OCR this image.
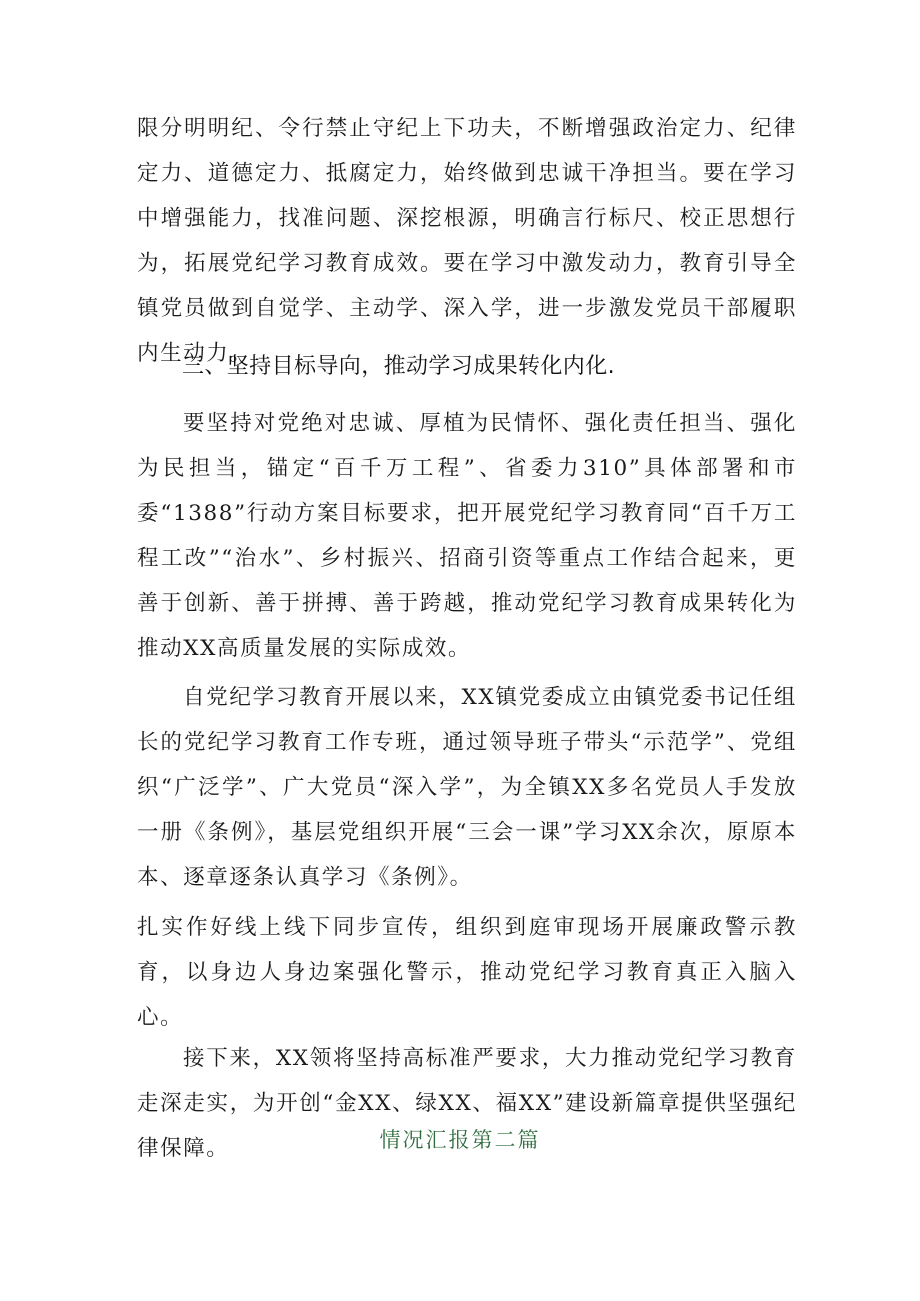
限分明明纪、令行禁止守纪上下功夫，不断增强政治定力、纪律定力、道德定力、抵腐定力，始终做到忠诚干净担当。要在学习中增强能力，找准问题、深挖根源，明确言行标尺、校正思想行为，拓展党纪学习教育成效。要在学习中激发动力，教育引导全镇党员做到自觉学、主动学、深入学，进一步激发党员干部履职内生动力。

三、坚持目标导向，推动学习成果转化内化.

要坚持对党绝对忠诚、厚植为民情怀、强化责任担当、强化为民担当，锚定“百千万工程”、省委力310”具体部署和市委“1388”行动方案目标要求，把开展党纪学习教育同“百千万工程工改”“治水”、乡村振兴、招商引资等重点工作结合起来，更善于创新、善于拼搏、善于跨越，推动党纪学习教育成果转化为推动XX高质量发展的实际成效。

自党纪学习教育开展以来，XX镇党委成立由镇党委书记任组长的党纪学习教育工作专班，通过领导班子带头“示范学”、党组织“广泛学”、广大党员“深入学”，为全镇XX多名党员人手发放一册《条例》，基层党组织开展“三会一课”学习XX余次，原原本本、逐章逐条认真学习《条例》。

扎实作好线上线下同步宣传，组织到庭审现场开展廉政警示教育，以身边人身边案强化警示，推动党纪学习教育真正入脑入心。

接下来，XX领将坚持高标准严要求，大力推动党纪学习教育走深走实，为开创“金XX、绿XX、福XX”建设新篇章提供坚强纪律保障。	情况汇报第二篇
